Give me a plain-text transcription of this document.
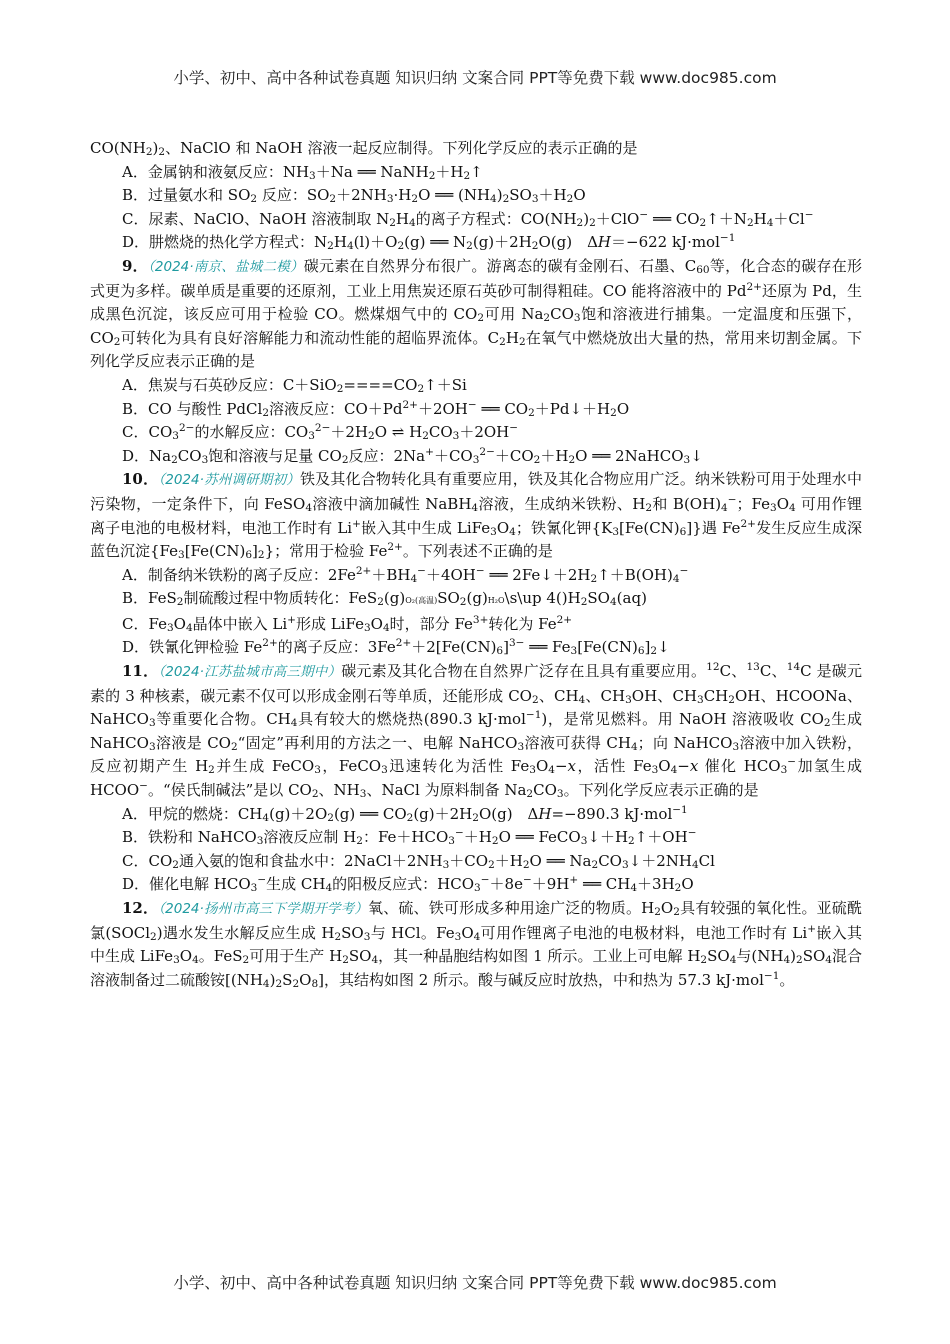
小学、初中、高中各种试卷真题 知识归纳 文案合同 PPT等免费下载 www.doc985.com

$CO(NH_2)_2$、NaClO 和 NaOH 溶液一起反应制得。下列化学反应的表示正确的是

A．金属钠和液氨反应：$NH_3+Na$ ══ $NaNH_2+H_2↑$

B．过量氨水和 $SO_2$ 反应：$SO_2+2NH_3\cdot H_2O$ ══ $(NH_4)_2SO_3+H_2O$

C．尿素、NaClO、NaOH 溶液制取 $N_2H_4$的离子方程式：$CO(NH_2)_2+ClO^-$ ══ $CO_2↑+N_2H_4+Cl^-$

D．肼燃烧的热化学方程式：$N_2H_4(l)+O_2(g)$ ══ $N_2(g)+2H_2O(g)$　ΔH＝−622 kJ·mol$^{-1}$

9．（2024·南京、盐城二模）碳元素在自然界分布很广。游离态的碳有金刚石、石墨、$C_{60}$等，化合态的碳存在形式更为多样。碳单质是重要的还原剂，工业上用焦炭还原石英砂可制得粗硅。CO 能将溶液中的 $Pd^{2+}$还原为 Pd，生成黑色沉淀，该反应可用于检验 CO。燃煤烟气中的 $CO_2$可用 $Na_2CO_3$饱和溶液进行捕集。一定温度和压强下，$CO_2$可转化为具有良好溶解能力和流动性能的超临界流体。$C_2H_2$在氧气中燃烧放出大量的热，常用来切割金属。下列化学反应表示正确的是

A．焦炭与石英砂反应：$C+SiO_2====CO_2↑+Si$

B．CO 与酸性 PdCl$_2$溶液反应：$CO+Pd^{2+}+2OH^-$ ══ $CO_2+Pd↓+H_2O$

C．$CO_3^{2-}$的水解反应：$CO_3^{2-}+2H_2O$ ⇌ $H_2CO_3+2OH^-$

D．$Na_2CO_3$饱和溶液与足量 $CO_2$反应：$2Na^++CO_3^{2-}+CO_2+H_2O$ ══ 2NaHCO$_3$↓

10．（2024·苏州调研期初）铁及其化合物转化具有重要应用，铁及其化合物应用广泛。纳米铁粉可用于处理水中污染物，一定条件下，向 FeSO$_4$溶液中滴加碱性 NaBH$_4$溶液，生成纳米铁粉、$H_2$和 $B(OH)_4^-$；$Fe_3O_4$ 可用作锂离子电池的电极材料，电池工作时有 Li+嵌入其中生成 $LiFe_3O_4$；铁氰化钾$\{K_3[Fe(CN)_6]\}$遇 $Fe^{2+}$发生反应生成深蓝色沉淀$\{Fe_3[Fe(CN)_6]_2\}$；常用于检验 $Fe^{2+}$。下列表述不正确的是

A．制备纳米铁粉的离子反应：$2Fe^{2+}+BH_4^-+4OH^-$ ══ $2Fe↓+2H_2↑+B(OH)_4^-$

B．FeS$_2$制硫酸过程中物质转化：FeS$_2$(g)O₂(高温)$SO_2(g)H_2O\backslash s\backslash up$ $4()H_2SO_4(aq)$

C．$Fe_3O_4$晶体中嵌入 Li+形成 $LiFe_3O_4$时，部分 $Fe^{3+}$转化为 $Fe^{2+}$

D．铁氰化钾检验 $Fe^{2+}$的离子反应：$3Fe^{2+}+2[Fe(CN)_6]^{3-}$ ══ $Fe_3[Fe(CN)_6]_2↓$

11．（2024·江苏盐城市高三期中）碳元素及其化合物在自然界广泛存在且具有重要应用。$^{12}$C、$^{13}$C、$^{14}$C 是碳元素的 3 种核素，碳元素不仅可以形成金刚石等单质，还能形成 $CO_2$、$CH_4$、$CH_3OH$、$CH_3CH_2OH$、HCOONa、NaHCO$_3$等重要化合物。$CH_4$具有较大的燃烧热(890.3 kJ·mol$^{-1}$)，是常见燃料。用 NaOH 溶液吸收 $CO_2$生成 NaHCO$_3$溶液是 $CO_2“$固定”再利用的方法之一、电解 NaHCO$_3$溶液可获得 $CH_4$；向 NaHCO$_3$溶液中加入铁粉，反应初期产生 $H_2$并生成 FeCO$_3$，FeCO$_3$迅速转化为活性 $Fe_3O_4-x$，活性 $Fe_3O_4-x$ 催化 $HCO_3^-$加氢生成 HCOO−。“侯氏制碱法”是以 $CO_2$、$NH_3$、NaCl 为原料制备 $Na_2CO_3$。下列化学反应表示正确的是

A．甲烷的燃烧：$CH_4(g)+2O_2(g)$ ══ $CO_2(g)+2H_2O(g)$　ΔH=−890.3 kJ·mol$^{-1}$

B．铁粉和 NaHCO$_3$溶液反应制 $H_2$：$Fe+HCO_3^-+H_2O$ ══ $FeCO_3↓+H_2↑+OH^-$

C．$CO_2$通入氨的饱和食盐水中：$2NaCl+2NH_3+CO_2+H_2O$ ══ $Na_2CO_3↓+2NH_4Cl$

D．催化电解 $HCO_3^-$生成 $CH_4$的阳极反应式：$HCO_3^-+8e^-+9H^+$ ══ $CH_4+3H_2O$

12．（2024·扬州市高三下学期开学考）氧、硫、铁可形成多种用途广泛的物质。$H_2O_2$具有较强的氧化性。亚硫酰氯(SOCl$_2$)遇水发生水解反应生成 $H_2SO_3$与 HCl。$Fe_3O_4$可用作锂离子电池的电极材料，电池工作时有 Li+嵌入其中生成 $LiFe_3O_4$。FeS$_2$可用于生产 $H_2SO_4$，其一种晶胞结构如图 1 所示。工业上可电解 $H_2SO_4$与$(NH_4)_2SO_4$混合溶液制备过二硫酸铵$[(NH_4)_2S_2O_8]$，其结构如图 2 所示。酸与碱反应时放热，中和热为 57.3 kJ·mol$^{-1}$。

小学、初中、高中各种试卷真题 知识归纳 文案合同 PPT等免费下载 www.doc985.com
